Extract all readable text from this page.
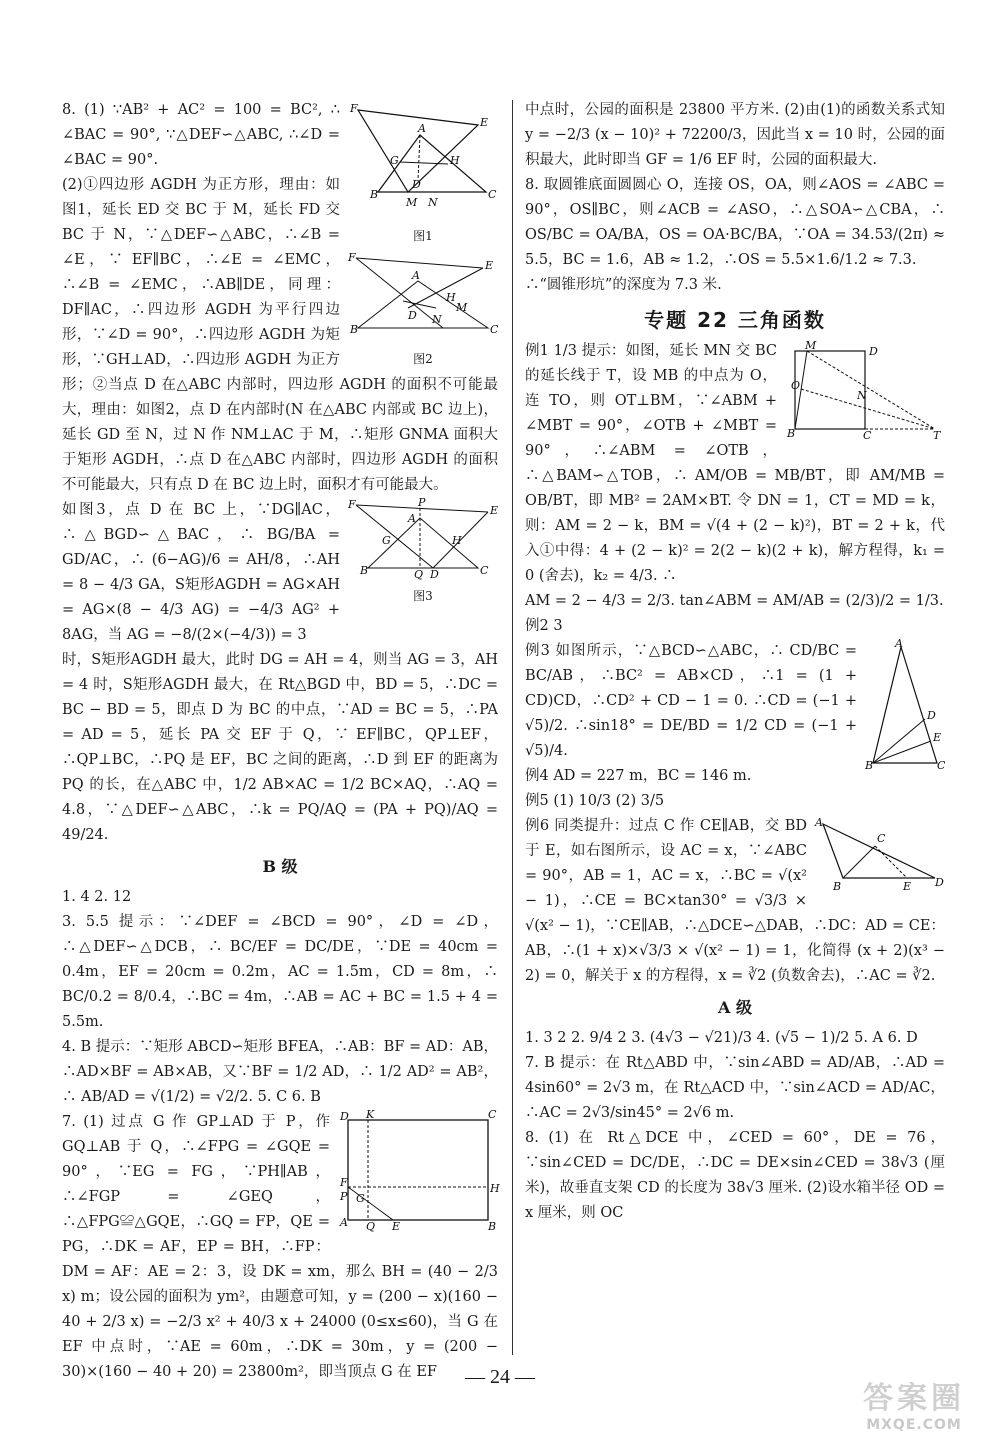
F
E
A
G	H
D
B
M N
C
图1

8. (1) ∵AB² + AC² = 100 = BC², ∴ ∠BAC = 90°, ∵△DEF∽△ABC, ∴∠D = ∠BAC = 90°.

F
E
A
H
M
B
D N
C
图2

(2)①四边形 AGDH 为正方形，理由：如图1，延长 ED 交 BC 于 M，延长 FD 交 BC 于 N，∵△DEF∽△ABC，∴∠B = ∠E，∵ EF∥BC，∴∠E = ∠EMC，∴∠B = ∠EMC，∴AB∥DE，同理：DF∥AC，∴四边形 AGDH 为平行四边形，∵∠D = 90°，∴四边形 AGDH 为矩形，∵GH⊥AD，∴四边形 AGDH 为正方形；②当点 D 在△ABC 内部时，四边形 AGDH 的面积不可能最大，理由：如图2，点 D 在内部时(N 在△ABC 内部或 BC 边上)，延长 GD 至 N，过 N 作 NM⊥AC 于 M，∴矩形 GNMA 面积大于矩形 AGDH，∴点 D 在△ABC 内部时，四边形 AGDH 的面积不可能最大，只有点 D 在 BC 边上时，面积才有可能最大。

F	P
E
A
G	H
B	Q D	C
图3

如图3，点 D 在 BC 上，∵DG∥AC，∴△BGD∽△BAC，∴ BG/BA = GD/AC，∴ (6−AG)/6 = AH/8，∴AH = 8 − 4/3 GA，S矩形AGDH = AG×AH = AG×(8 − 4/3 AG) = −4/3 AG² + 8AG，当 AG = −8/(2×(−4/3)) = 3

时，S矩形AGDH 最大，此时 DG = AH = 4，则当 AG = 3，AH = 4 时，S矩形AGDH 最大，在 Rt△BGD 中，BD = 5，∴DC = BC − BD = 5，即点 D 为 BC 的中点，∵AD = BC = 5，∴PA = AD = 5，延长 PA 交 EF 于 Q，∵ EF∥BC，QP⊥EF，∴QP⊥BC，∴PQ 是 EF，BC 之间的距离，∴D 到 EF 的距离为 PQ 的长，在△ABC 中，1/2 AB×AC = 1/2 BC×AQ，∴AQ = 4.8，∵△DEF∽△ABC，∴k = PQ/AQ = (PA + PQ)/AQ = 49/24.

B 级

1. 4 2. 12

3. 5.5 提示：∵∠DEF = ∠BCD = 90°，∠D = ∠D，∴△DEF∽△DCB，∴ BC/EF = DC/DE，∵DE = 40cm = 0.4m，EF = 20cm = 0.2m，AC = 1.5m，CD = 8m，∴ BC/0.2 = 8/0.4，∴BC = 4m，∴AB = AC + BC = 1.5 + 4 = 5.5m.

4. B 提示：∵矩形 ABCD∽矩形 BFEA，∴AB：BF = AD：AB，∴AD×BF = AB×AB，又∵BF = 1/2 AD，∴ 1/2 AD² = AB²，∴ AB/AD = √(1/2) = √2/2. 5. C 6. B

D K	C
F
P G
H
A Q E	B

7. (1) 过点 G 作 GP⊥AD 于 P，作 GQ⊥AB 于 Q，∴∠FPG = ∠GQE = 90°，∵EG = FG，∵PH∥AB，∴∠FGP = ∠GEQ，∴△FPG≌△GQE，∴GQ = FP，QE = PG，∴DK = AF，EP = BH，∴FP：DM = AF：AE = 2：3，设 DK = xm，那么 BH = (40 − 2/3 x) m；设公园的面积为 ym²，由题意可知，y = (200 − x)(160 − 40 + 2/3 x) = −2/3 x² + 40/3 x + 24000 (0≤x≤60)，当 G 在 EF 中点时，∵AE = 60m，∴DK = 30m，y = (200 − 30)×(160 − 40 + 20) = 23800m²，即当顶点 G 在 EF

中点时，公园的面积是 23800 平方米. (2)由(1)的函数关系式知 y = −2/3 (x − 10)² + 72200/3，因此当 x = 10 时，公园的面积最大，此时即当 GF = 1/6 EF 时，公园的面积最大.

8. 取圆锥底面圆圆心 O，连接 OS，OA，则∠AOS = ∠ABC = 90°，OS∥BC，则∠ACB = ∠ASO，∴△SOA∽△CBA，∴ OS/BC = OA/BA，OS = OA·BC/BA，∵OA = 34.53/(2π) ≈ 5.5，BC = 1.6，AB ≈ 1.2，∴OS = 5.5×1.6/1.2 ≈ 7.3.

∴“圆锥形坑”的深度为 7.3 米.

专题 22 三角函数
M	D
O
N
B	C	T

例1 1/3 提示：如图，延长 MN 交 BC 的延长线于 T，设 MB 的中点为 O，连 TO，则 OT⊥BM，∵∠ABM + ∠MBT = 90°，∠OTB + ∠MBT = 90°，∴∠ABM = ∠OTB，∴△BAM∽△TOB，∴ AM/OB = MB/BT，即 AM/MB = OB/BT，即 MB² = 2AM×BT. 令 DN = 1，CT = MD = k，则：AM = 2 − k，BM = √(4 + (2 − k)²)，BT = 2 + k，代入①中得：4 + (2 − k)² = 2(2 − k)(2 + k)，解方程得，k₁ = 0 (舍去)，k₂ = 4/3. ∴

AM = 2 − 4/3 = 2/3. tan∠ABM = AM/AB = (2/3)/2 = 1/3.

例2 3

A
D
E
B	C

例3 如图所示，∵△BCD∽△ABC，∴ CD/BC = BC/AB，∴BC² = AB×CD，∴1 = (1 + CD)CD，∴CD² + CD − 1 = 0. ∴CD = (−1 + √5)/2. ∴sin18° = DE/BD = 1/2 CD = (−1 + √5)/4.

例4 AD = 227 m，BC = 146 m.

例5 (1) 10/3 (2) 3/5

A
C
B	E D

例6 同类提升：过点 C 作 CE∥AB，交 BD 于 E，如右图所示，设 AC = x，∵∠ABC = 90°，AB = 1，AC = x，∴BC = √(x² − 1)，∴CE = BC×tan30° = √3/3 × √(x² − 1)，∵CE∥AB，∴△DCE∽△DAB，∴DC：AD = CE：AB，∴(1 + x)×√3/3 × √(x² − 1) = 1，化简得 (x + 2)(x³ − 2) = 0，解关于 x 的方程得，x = ∛2 (负数舍去)，∴AC = ∛2.

A 级

1. 3 2 2. 9/4 2 3. (4√3 − √21)/3 4. (√5 − 1)/2 5. A 6. D

7. B 提示：在 Rt△ABD 中，∵sin∠ABD = AD/AB，∴AD = 4sin60° = 2√3 m，在 Rt△ACD 中，∵sin∠ACD = AD/AC，∴AC = 2√3/sin45° = 2√6 m.

8. (1) 在 Rt△DCE 中，∠CED = 60°，DE = 76，∵sin∠CED = DC/DE，∴DC = DE×sin∠CED = 38√3 (厘米)，故垂直支架 CD 的长度为 38√3 厘米. (2)设水箱半径 OD = x 厘米，则 OC

— 24 —
答案圈
MXQE.COM
